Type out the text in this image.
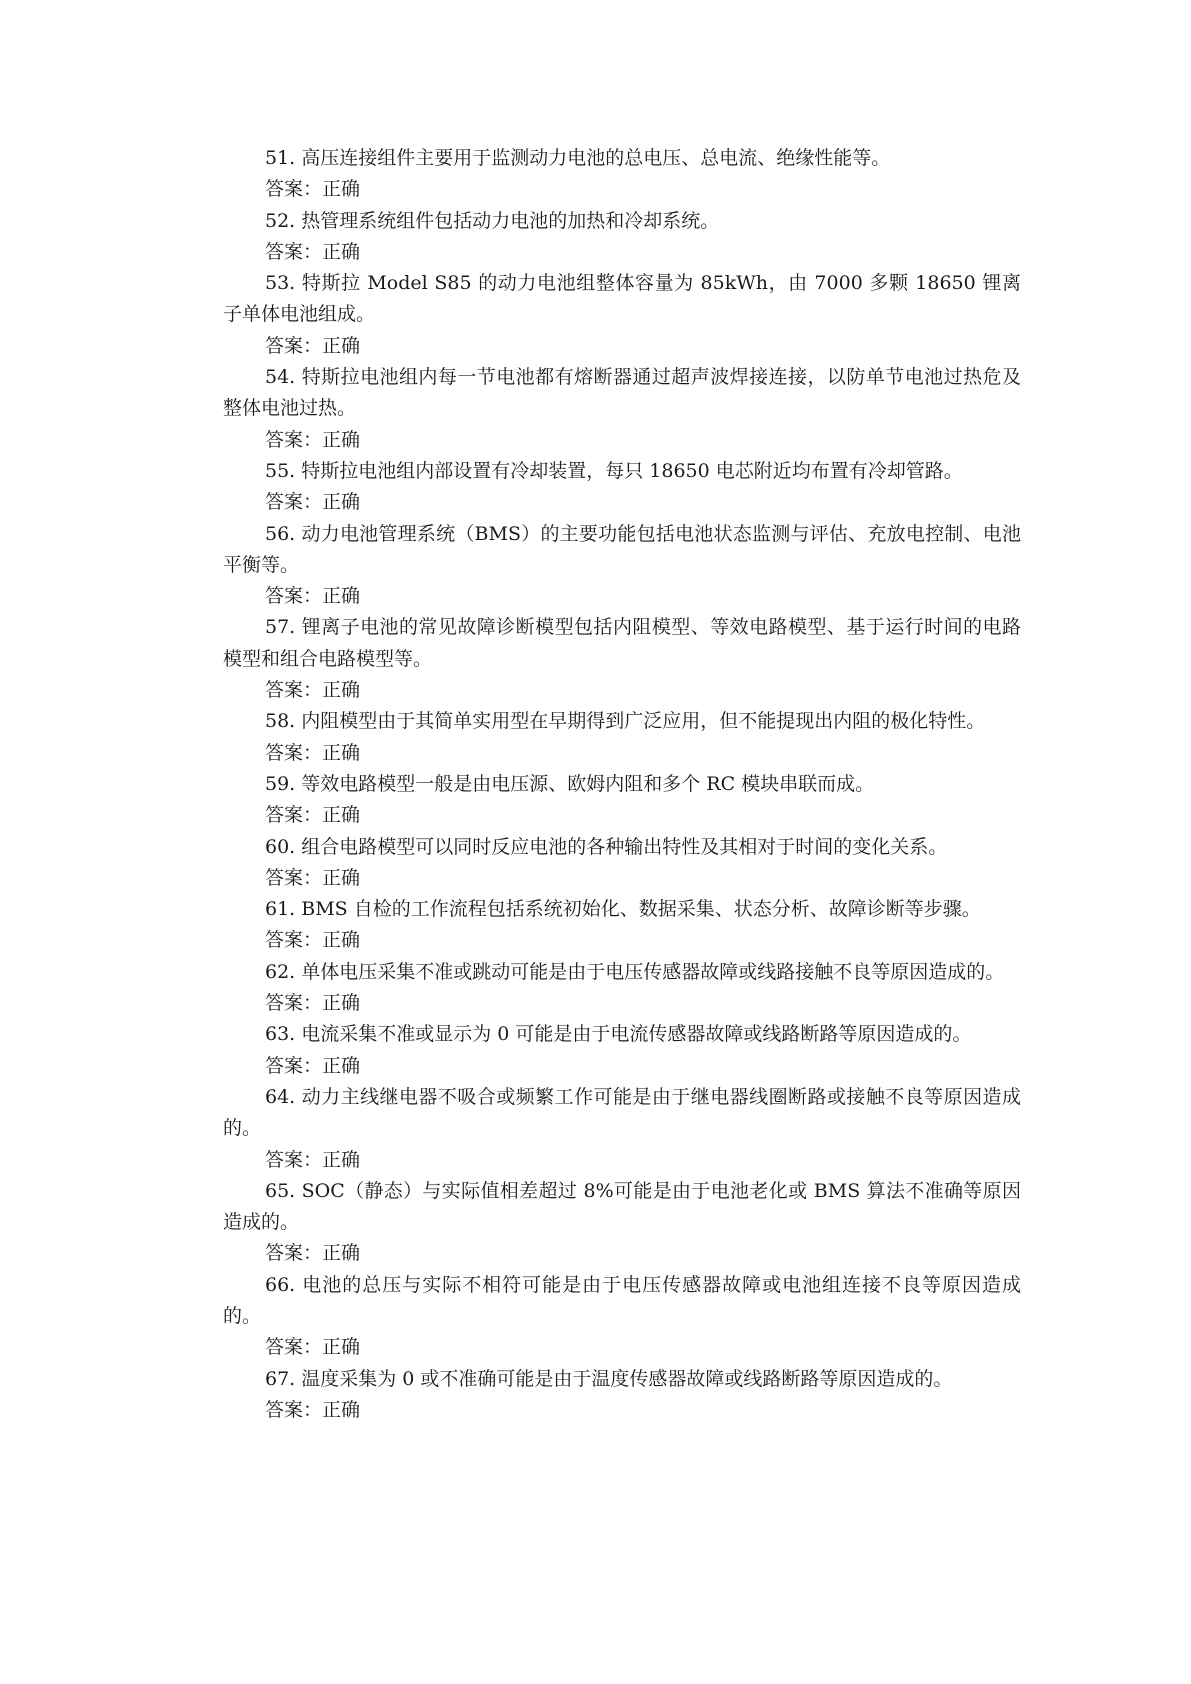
51. 高压连接组件主要用于监测动力电池的总电压、总电流、绝缘性能等。

答案：正确

52. 热管理系统组件包括动力电池的加热和冷却系统。

答案：正确

53. 特斯拉 Model S85 的动力电池组整体容量为 85kWh，由 7000 多颗 18650 锂离子单体电池组成。

答案：正确

54. 特斯拉电池组内每一节电池都有熔断器通过超声波焊接连接，以防单节电池过热危及整体电池过热。

答案：正确

55. 特斯拉电池组内部设置有冷却装置，每只 18650 电芯附近均布置有冷却管路。

答案：正确

56. 动力电池管理系统（BMS）的主要功能包括电池状态监测与评估、充放电控制、电池平衡等。

答案：正确

57. 锂离子电池的常见故障诊断模型包括内阻模型、等效电路模型、基于运行时间的电路模型和组合电路模型等。

答案：正确

58. 内阻模型由于其简单实用型在早期得到广泛应用，但不能提现出内阻的极化特性。

答案：正确

59. 等效电路模型一般是由电压源、欧姆内阻和多个 RC 模块串联而成。

答案：正确

60. 组合电路模型可以同时反应电池的各种输出特性及其相对于时间的变化关系。

答案：正确

61. BMS 自检的工作流程包括系统初始化、数据采集、状态分析、故障诊断等步骤。

答案：正确

62. 单体电压采集不准或跳动可能是由于电压传感器故障或线路接触不良等原因造成的。

答案：正确

63. 电流采集不准或显示为 0 可能是由于电流传感器故障或线路断路等原因造成的。

答案：正确

64. 动力主线继电器不吸合或频繁工作可能是由于继电器线圈断路或接触不良等原因造成的。

答案：正确

65. SOC（静态）与实际值相差超过 8%可能是由于电池老化或 BMS 算法不准确等原因造成的。

答案：正确

66. 电池的总压与实际不相符可能是由于电压传感器故障或电池组连接不良等原因造成的。

答案：正确

67. 温度采集为 0 或不准确可能是由于温度传感器故障或线路断路等原因造成的。

答案：正确
